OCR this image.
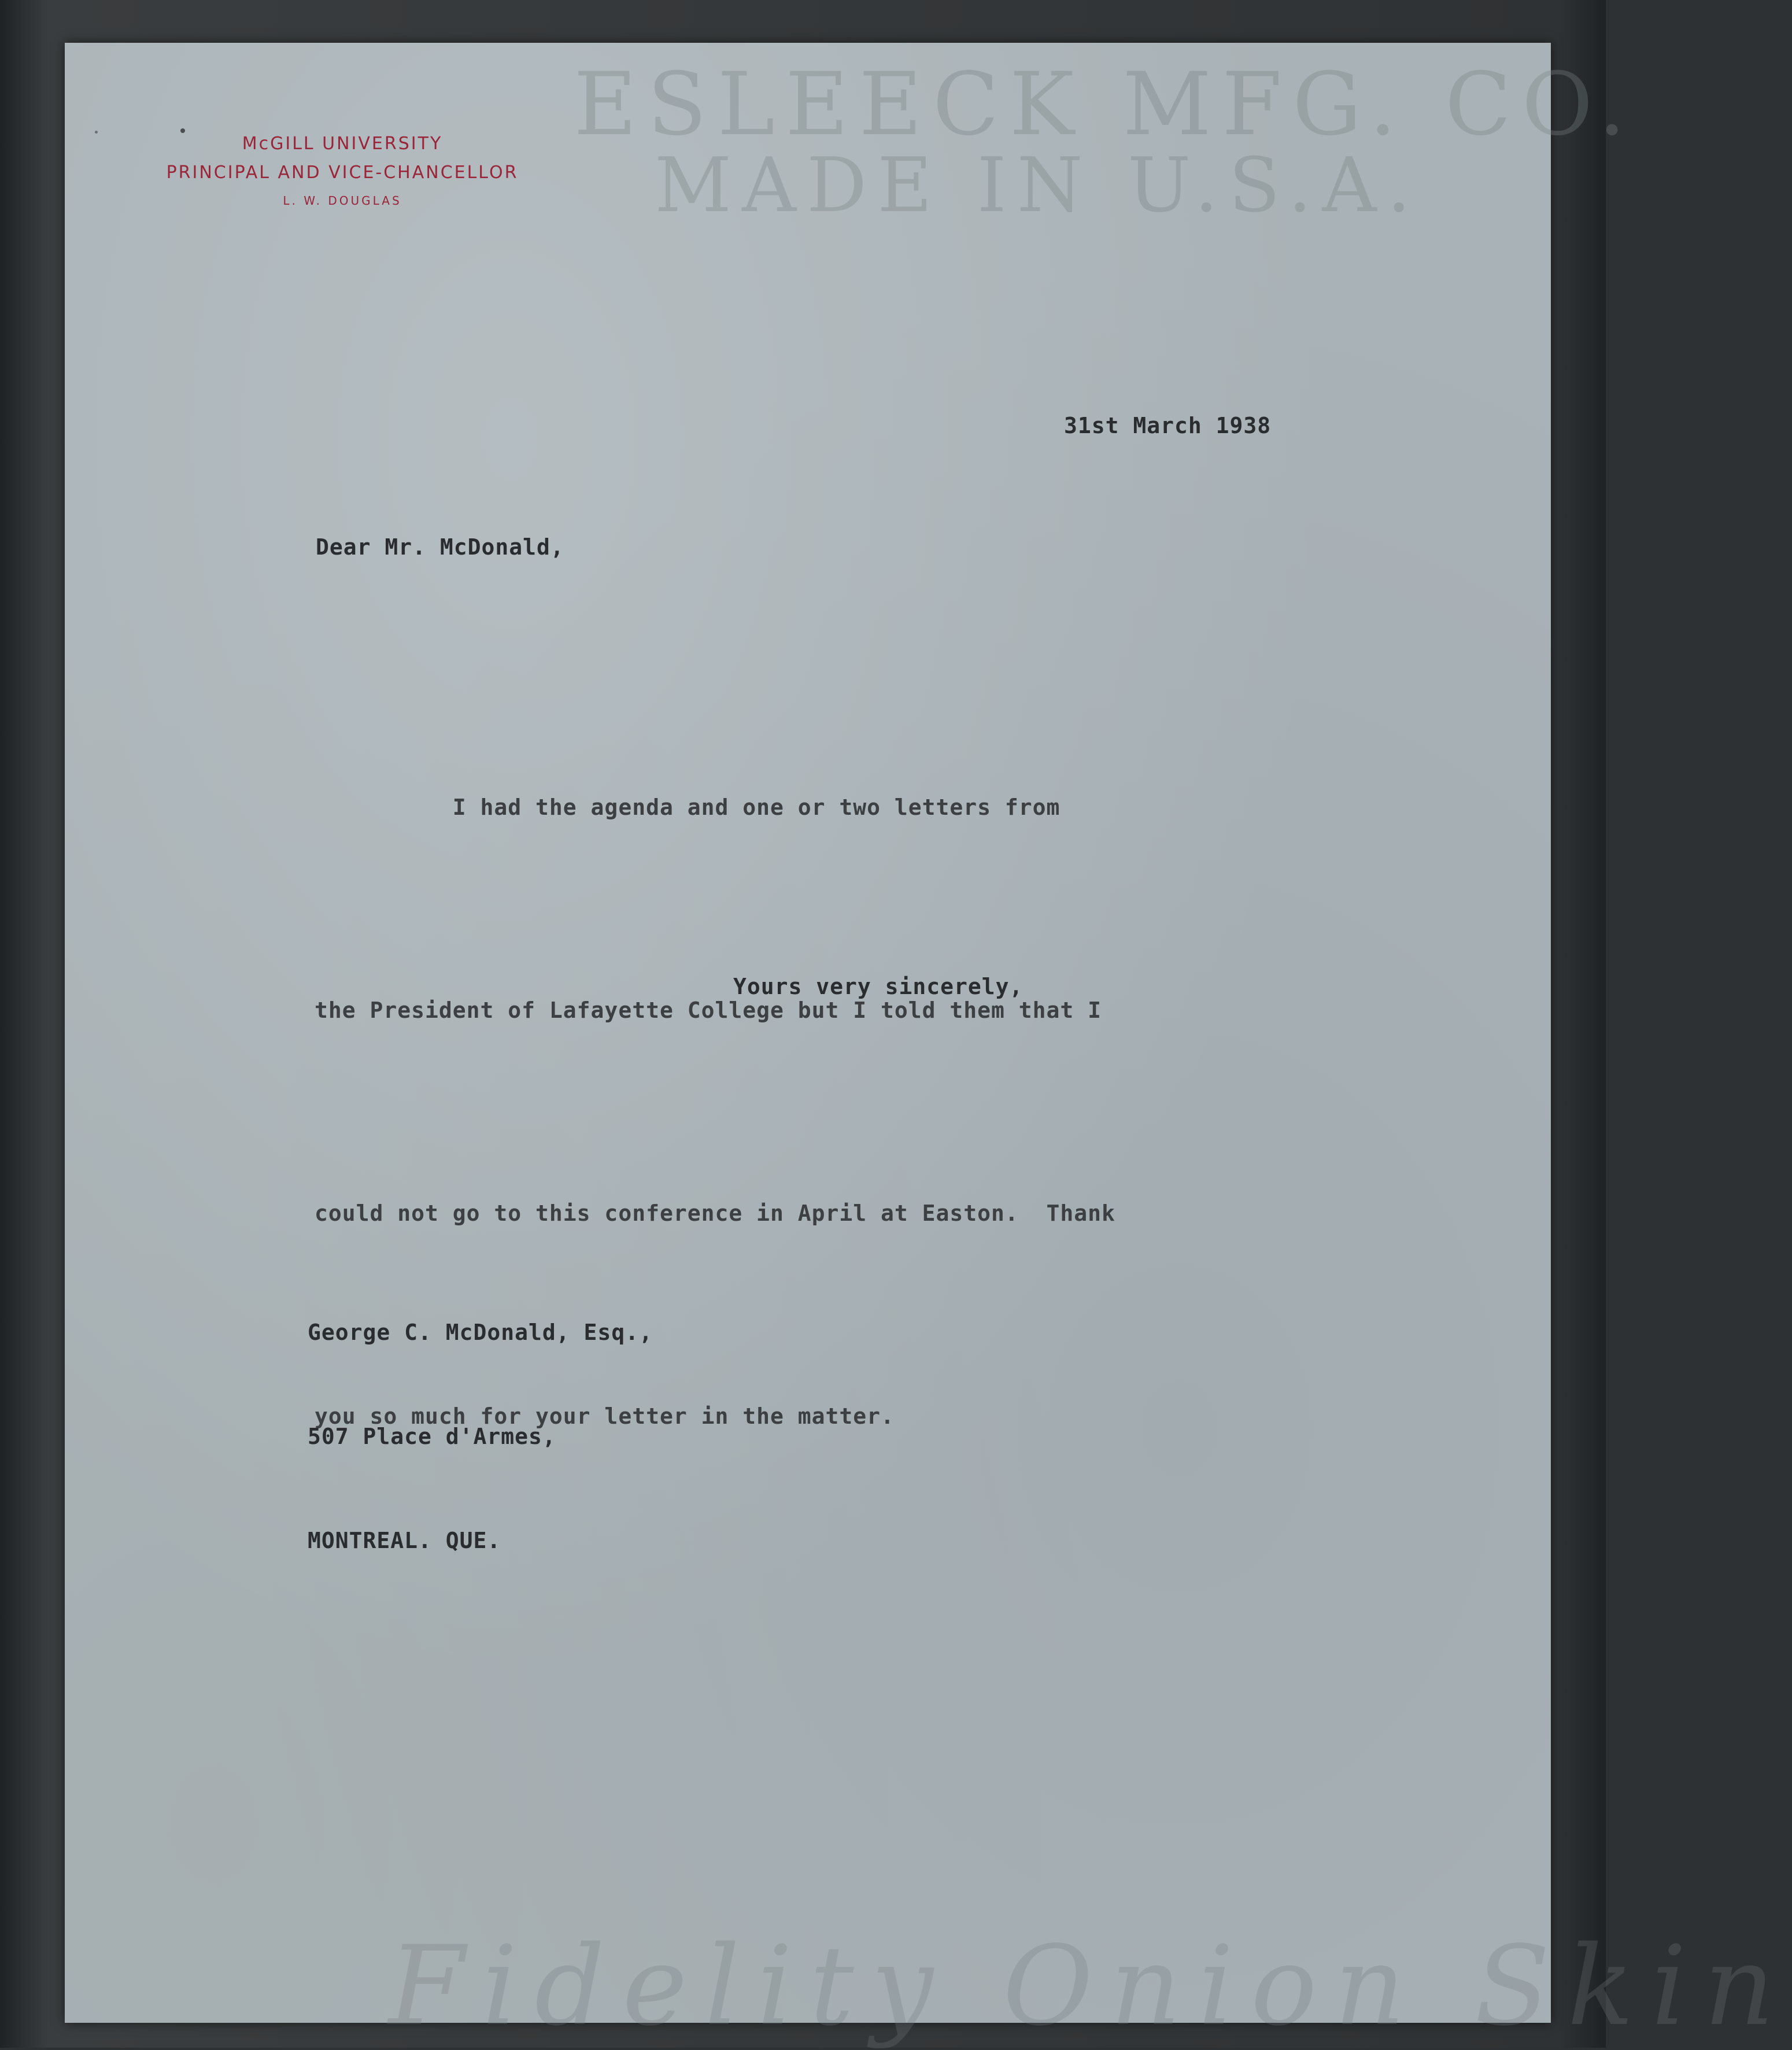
ESLEECK MFG. CO.
MADE IN U.S.A.
Fidelity Onion Skin
McGILL UNIVERSITY
PRINCIPAL AND VICE-CHANCELLOR
L. W. DOUGLAS
31st March 1938
Dear Mr. McDonald,

I had the agenda and one or two letters from

the President of Lafayette College but I told them that I

could not go to this conference in April at Easton.  Thank

you so much for your letter in the matter.

Yours very sincerely,

George C. McDonald, Esq.,

507 Place d'Armes,

MONTREAL. QUE.
